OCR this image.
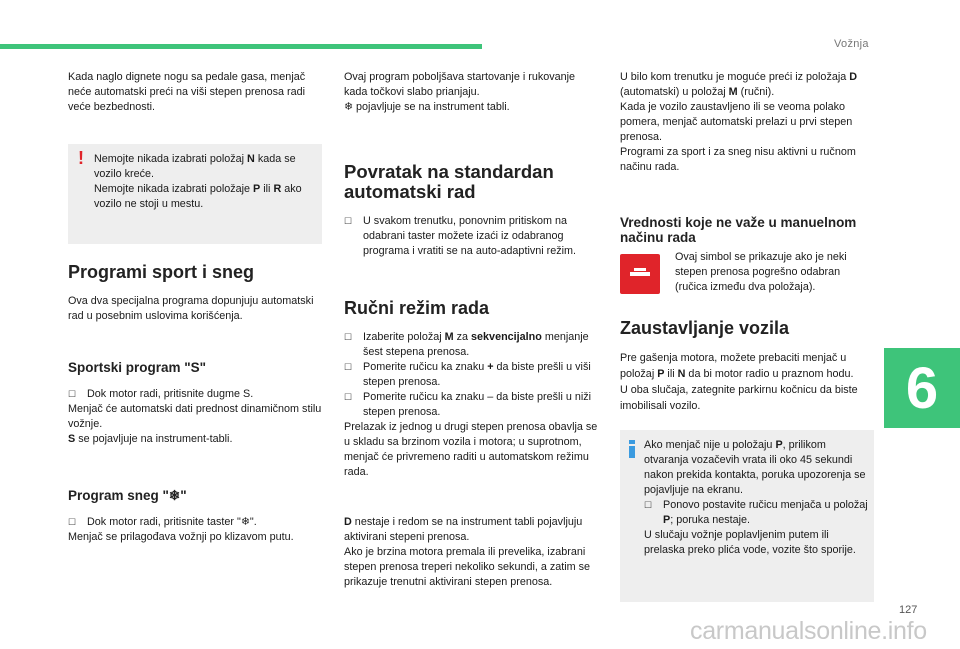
Vožnja
6
127
carmanualsonline.info

Kada naglo dignete nogu sa pedale gasa, menjač neće automatski preći na viši stepen prenosa radi veće bezbednosti.

! Nemojte nikada izabrati položaj N kada se vozilo kreće.
Nemojte nikada izabrati položaje P ili R ako vozilo ne stoji u mestu.
Programi sport i sneg

Ova dva specijalna programa dopunjuju automatski rad u posebnim uslovima korišćenja.

Sportski program "S"
☐ Dok motor radi, pritisnite dugme S.

Menjač će automatski dati prednost dinamičnom stilu vožnje.

S se pojavljuje na instrument-tabli.

Program sneg "❄"
☐ Dok motor radi, pritisnite taster "❄".

Menjač se prilagođava vožnji po klizavom putu.

Ovaj program poboljšava startovanje i rukovanje kada točkovi slabo prianjaju.

❄ pojavljuje se na instrument tabli.

Povratak na standardan automatski rad
☐ U svakom trenutku, ponovnim pritiskom na odabrani taster možete izaći iz odabranog programa i vratiti se na auto-adaptivni režim.
Ručni režim rada
☐ Izaberite položaj M za sekvencijalno menjanje šest stepena prenosa.
☐ Pomerite ručicu ka znaku + da biste prešli u viši stepen prenosa.
☐ Pomerite ručicu ka znaku – da biste prešli u niži stepen prenosa.

Prelazak iz jednog u drugi stepen prenosa obavlja se u skladu sa brzinom vozila i motora; u suprotnom, menjač će privremeno raditi u automatskom režimu rada.

D nestaje i redom se na instrument tabli pojavljuju aktivirani stepeni prenosa.

Ako je brzina motora premala ili prevelika, izabrani stepen prenosa treperi nekoliko sekundi, a zatim se prikazuje trenutni aktivirani stepen prenosa.

U bilo kom trenutku je moguće preći iz položaja D (automatski) u položaj M (ručni).

Kada je vozilo zaustavljeno ili se veoma polako pomera, menjač automatski prelazi u prvi stepen prenosa.

Programi za sport i za sneg nisu aktivni u ručnom načinu rada.

Vrednosti koje ne važe u manuelnom načinu rada

Ovaj simbol se prikazuje ako je neki stepen prenosa pogrešno odabran (ručica između dva položaja).

Zaustavljanje vozila

Pre gašenja motora, možete prebaciti menjač u položaj P ili N da bi motor radio u praznom hodu.

U oba slučaja, zategnite parkirnu kočnicu da biste imobilisali vozilo.

Ako menjač nije u položaju P, prilikom otvaranja vozačevih vrata ili oko 45 sekundi nakon prekida kontakta, poruka upozorenja se pojavljuje na ekranu.

☐ Ponovo postavite ručicu menjača u položaj P; poruka nestaje.

U slučaju vožnje poplavljenim putem ili prelaska preko plića vode, vozite što sporije.
